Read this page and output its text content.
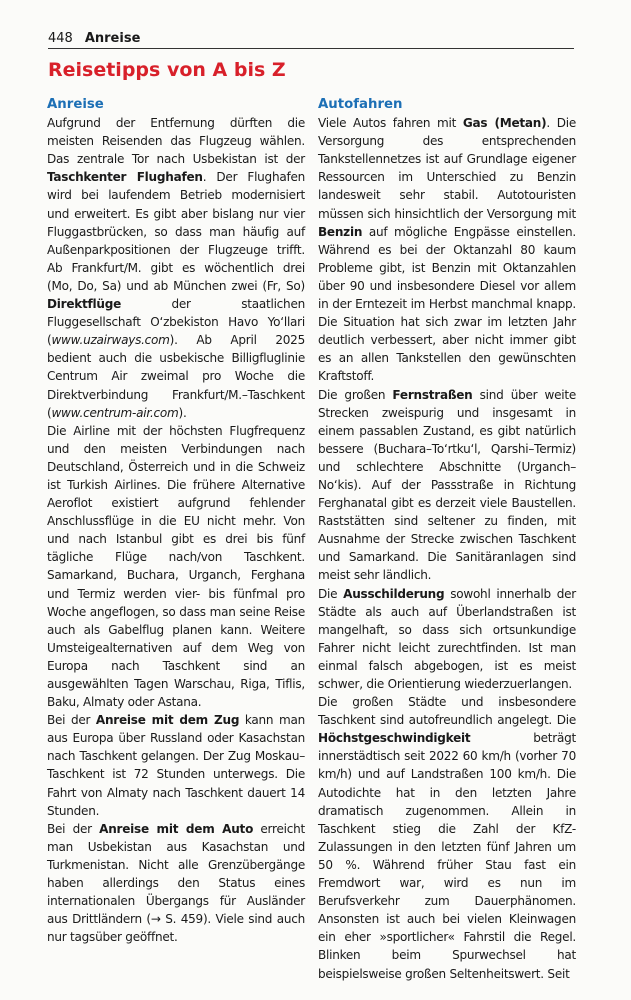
448 Anreise
Reisetipps von A bis Z
Anreise

Aufgrund der Entfernung dürften die meisten Reisenden das Flugzeug wählen. Das zentrale Tor nach Usbekistan ist der Taschkenter Flughafen. Der Flughafen wird bei laufendem Betrieb modernisiert und erweitert. Es gibt aber bislang nur vier Fluggastbrücken, so dass man häufig auf Außenparkpositionen der Flugzeuge trifft. Ab Frankfurt/M. gibt es wöchentlich drei (Mo, Do, Sa) und ab München zwei (Fr, So) Direktflüge der staatlichen Fluggesellschaft O‘zbekiston Havo Yo‘llari (www.uzairways.com). Ab April 2025 bedient auch die usbekische Billigfluglinie Centrum Air zweimal pro Woche die Direktverbindung Frankfurt/M.–Taschkent (www.centrum-air.com).

Die Airline mit der höchsten Flugfrequenz und den meisten Verbindungen nach Deutschland, Österreich und in die Schweiz ist Turkish Airlines. Die frühere Alternative Aeroflot existiert aufgrund fehlender Anschlussflüge in die EU nicht mehr. Von und nach Istanbul gibt es drei bis fünf tägliche Flüge nach/von Taschkent. Samarkand, Buchara, Urganch, Ferghana und Termiz werden vier- bis fünfmal pro Woche angeflogen, so dass man seine Reise auch als Gabelflug planen kann. Weitere Umsteigealternativen auf dem Weg von Europa nach Taschkent sind an ausgewählten Tagen Warschau, Riga, Tiflis, Baku, Almaty oder Astana.

Bei der Anreise mit dem Zug kann man aus Europa über Russland oder Kasachstan nach Taschkent gelangen. Der Zug Moskau–Taschkent ist 72 Stunden unterwegs. Die Fahrt von Almaty nach Taschkent dauert 14 Stunden.

Bei der Anreise mit dem Auto erreicht man Usbekistan aus Kasachstan und Turkmenistan. Nicht alle Grenzübergänge haben allerdings den Status eines internationalen Übergangs für Ausländer aus Drittländern (→ S. 459). Viele sind auch nur tagsüber geöffnet.

Autofahren

Viele Autos fahren mit Gas (Metan). Die Versorgung des entsprechenden Tankstellennetzes ist auf Grundlage eigener Ressourcen im Unterschied zu Benzin landesweit sehr stabil. Autotouristen müssen sich hinsichtlich der Versorgung mit Benzin auf mögliche Engpässe einstellen. Während es bei der Oktanzahl 80 kaum Probleme gibt, ist Benzin mit Oktanzahlen über 90 und insbesondere Diesel vor allem in der Erntezeit im Herbst manchmal knapp. Die Situation hat sich zwar im letzten Jahr deutlich verbessert, aber nicht immer gibt es an allen Tankstellen den gewünschten Kraftstoff.

Die großen Fernstraßen sind über weite Strecken zweispurig und insgesamt in einem passablen Zustand, es gibt natürlich bessere (Buchara–To‘rtku‘l, Qarshi–Termiz) und schlechtere Abschnitte (Urganch–No‘kis). Auf der Passstraße in Richtung Ferghanatal gibt es derzeit viele Baustellen. Raststätten sind seltener zu finden, mit Ausnahme der Strecke zwischen Taschkent und Samarkand. Die Sanitäranlagen sind meist sehr ländlich.

Die Ausschilderung sowohl innerhalb der Städte als auch auf Überlandstraßen ist mangelhaft, so dass sich ortsunkundige Fahrer nicht leicht zurechtfinden. Ist man einmal falsch abgebogen, ist es meist schwer, die Orientierung wiederzuerlangen.

Die großen Städte und insbesondere Taschkent sind autofreundlich angelegt. Die Höchstgeschwindigkeit beträgt innerstädtisch seit 2022 60 km/h (vorher 70 km/h) und auf Landstraßen 100 km/h. Die Autodichte hat in den letzten Jahre dramatisch zugenommen. Allein in Taschkent stieg die Zahl der KfZ-Zulassungen in den letzten fünf Jahren um 50 %. Während früher Stau fast ein Fremdwort war, wird es nun im Berufsverkehr zum Dauerphänomen. Ansonsten ist auch bei vielen Kleinwagen ein eher »sportlicher« Fahrstil die Regel. Blinken beim Spurwechsel hat beispielsweise großen Seltenheitswert. Seit
